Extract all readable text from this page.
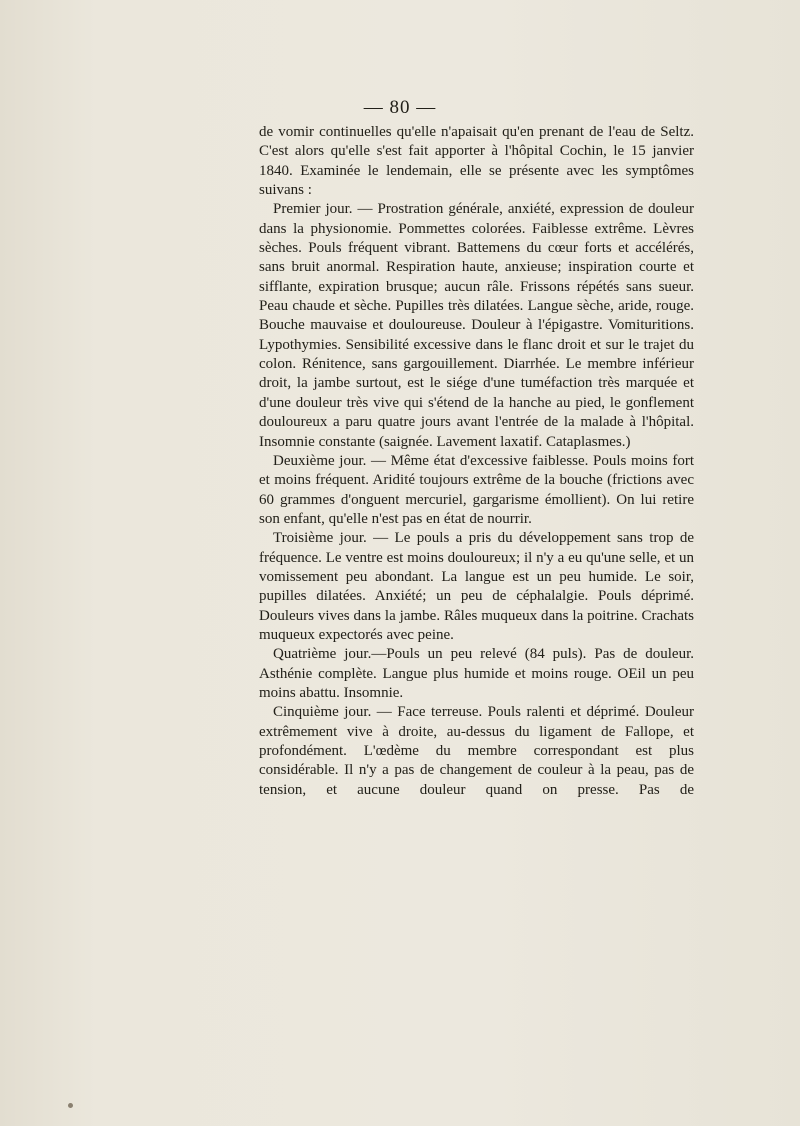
— 80 —

de vomir continuelles qu'elle n'apaisait qu'en prenant de l'eau de Seltz. C'est alors qu'elle s'est fait apporter à l'hôpital Cochin, le 15 janvier 1840. Examinée le lendemain, elle se présente avec les symptômes suivans :

Premier jour. — Prostration générale, anxiété, expression de douleur dans la physionomie. Pommettes colorées. Faiblesse extrême. Lèvres sèches. Pouls fréquent vibrant. Battemens du cœur forts et accélérés, sans bruit anormal. Respiration haute, anxieuse; inspiration courte et sifflante, expiration brusque; aucun râle. Frissons répétés sans sueur. Peau chaude et sèche. Pupilles très dilatées. Langue sèche, aride, rouge. Bouche mauvaise et douloureuse. Douleur à l'épigastre. Vomituritions. Lypothymies. Sensibilité excessive dans le flanc droit et sur le trajet du colon. Rénitence, sans gargouillement. Diarrhée. Le membre inférieur droit, la jambe surtout, est le siége d'une tuméfaction très marquée et d'une douleur très vive qui s'étend de la hanche au pied, le gonflement douloureux a paru quatre jours avant l'entrée de la malade à l'hôpital. Insomnie constante (saignée. Lavement laxatif. Cataplasmes.)

Deuxième jour. — Même état d'excessive faiblesse. Pouls moins fort et moins fréquent. Aridité toujours extrême de la bouche (frictions avec 60 grammes d'onguent mercuriel, gargarisme émollient). On lui retire son enfant, qu'elle n'est pas en état de nourrir.

Troisième jour. — Le pouls a pris du développement sans trop de fréquence. Le ventre est moins douloureux; il n'y a eu qu'une selle, et un vomissement peu abondant. La langue est un peu humide. Le soir, pupilles dilatées. Anxiété; un peu de céphalalgie. Pouls déprimé. Douleurs vives dans la jambe. Râles muqueux dans la poitrine. Crachats muqueux expectorés avec peine.

Quatrième jour.—Pouls un peu relevé (84 puls). Pas de douleur. Asthénie complète. Langue plus humide et moins rouge. OEil un peu moins abattu. Insomnie.

Cinquième jour. — Face terreuse. Pouls ralenti et déprimé. Douleur extrêmement vive à droite, au-dessus du ligament de Fallope, et profondément. L'œdème du membre correspondant est plus considérable. Il n'y a pas de changement de couleur à la peau, pas de tension, et aucune douleur quand on presse. Pas de
